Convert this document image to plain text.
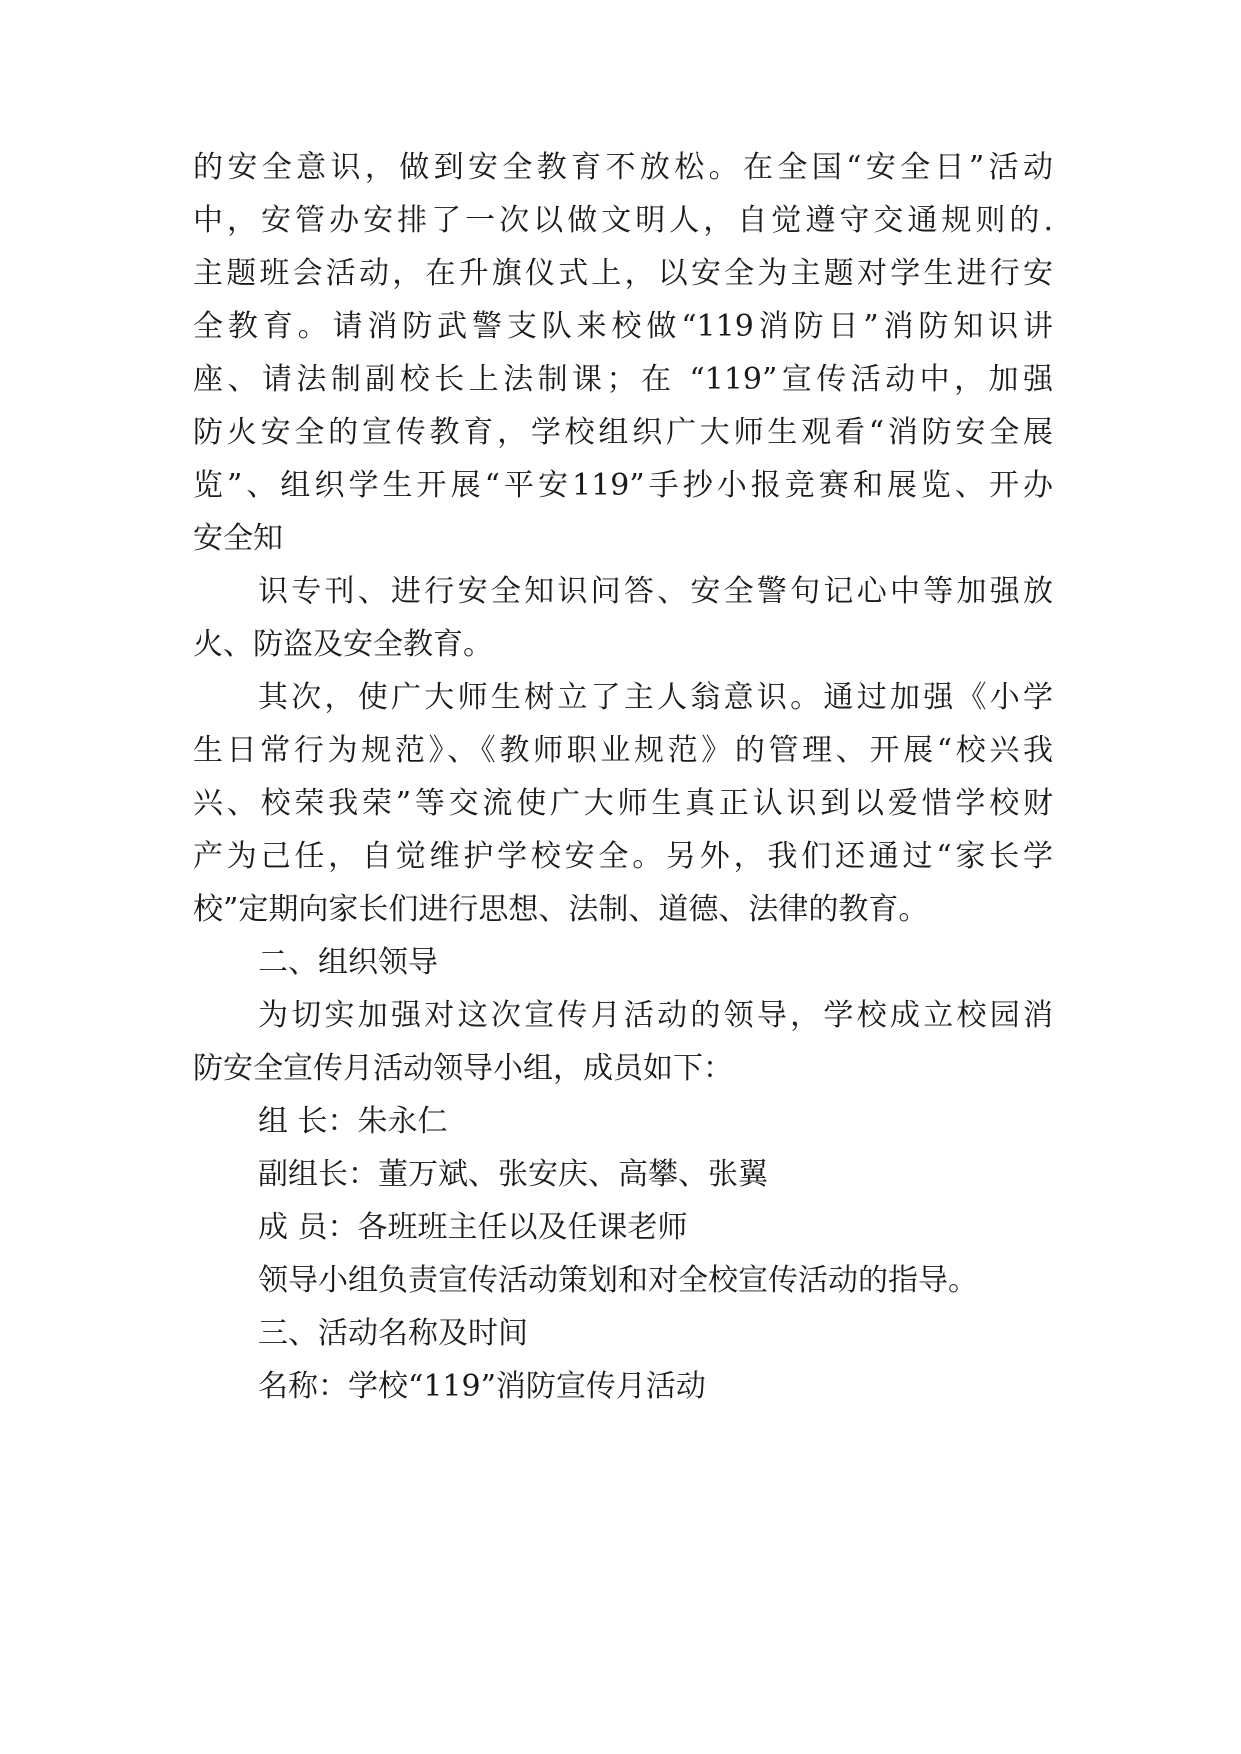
的安全意识，做到安全教育不放松。在全国“安全日”活动
中，安管办安排了一次以做文明人，自觉遵守交通规则的.
主题班会活动，在升旗仪式上，以安全为主题对学生进行安
全教育。请消防武警支队来校做“119消防日”消防知识讲
座、请法制副校长上法制课；在 “119”宣传活动中，加强
防火安全的宣传教育，学校组织广大师生观看“消防安全展
览”、组织学生开展“平安119”手抄小报竞赛和展览、开办
安全知
识专刊、进行安全知识问答、安全警句记心中等加强放
火、防盗及安全教育。
其次，使广大师生树立了主人翁意识。通过加强《小学
生日常行为规范》、《教师职业规范》的管理、开展“校兴我
兴、校荣我荣”等交流使广大师生真正认识到以爱惜学校财
产为己任，自觉维护学校安全。另外，我们还通过“家长学
校”定期向家长们进行思想、法制、道德、法律的教育。
二、组织领导
为切实加强对这次宣传月活动的领导，学校成立校园消
防安全宣传月活动领导小组，成员如下：
组 长：朱永仁
副组长：董万斌、张安庆、高攀、张翼
成 员：各班班主任以及任课老师
领导小组负责宣传活动策划和对全校宣传活动的指导。
三、活动名称及时间
名称：学校“119”消防宣传月活动
